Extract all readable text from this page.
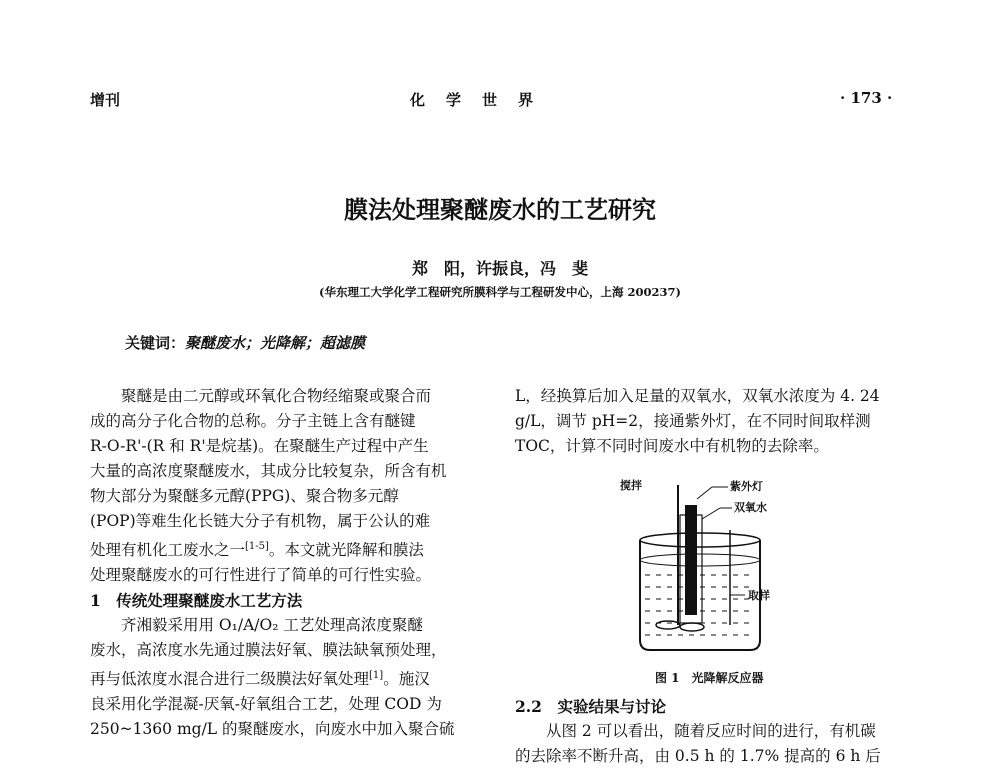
增刊	化学世界	· 173 ·
膜法处理聚醚废水的工艺研究
郑　阳，许振良，冯　斐
(华东理工大学化学工程研究所膜科学与工程研发中心，上海 200237)
关键词：聚醚废水；光降解；超滤膜
聚醚是由二元醇或环氧化合物经缩聚或聚合而
成的高分子化合物的总称。分子主链上含有醚键
R-O-R'-(R 和 R'是烷基)。在聚醚生产过程中产生
大量的高浓度聚醚废水，其成分比较复杂，所含有机
物大部分为聚醚多元醇(PPG)、聚合物多元醇
(POP)等难生化长链大分子有机物，属于公认的难
处理有机化工废水之一[1-5]。本文就光降解和膜法
处理聚醚废水的可行性进行了简单的可行性实验。
1　传统处理聚醚废水工艺方法
齐湘毅采用用 O₁/A/O₂ 工艺处理高浓度聚醚
废水，高浓度水先通过膜法好氧、膜法缺氧预处理，
再与低浓度水混合进行二级膜法好氧处理[1]。施汉
良采用化学混凝-厌氧-好氧组合工艺，处理 COD 为
250~1360 mg/L 的聚醚废水，向废水中加入聚合硫
L，经换算后加入足量的双氧水，双氧水浓度为 4. 24
g/L，调节 pH=2，接通紫外灯，在不同时间取样测
TOC，计算不同时间废水中有机物的去除率。
搅拌	紫外灯
双氧水
取样
图 1　光降解反应器
2.2　实验结果与讨论
从图 2 可以看出，随着反应时间的进行，有机碳
的去除率不断升高，由 0.5 h 的 1.7% 提高的 6 h 后
